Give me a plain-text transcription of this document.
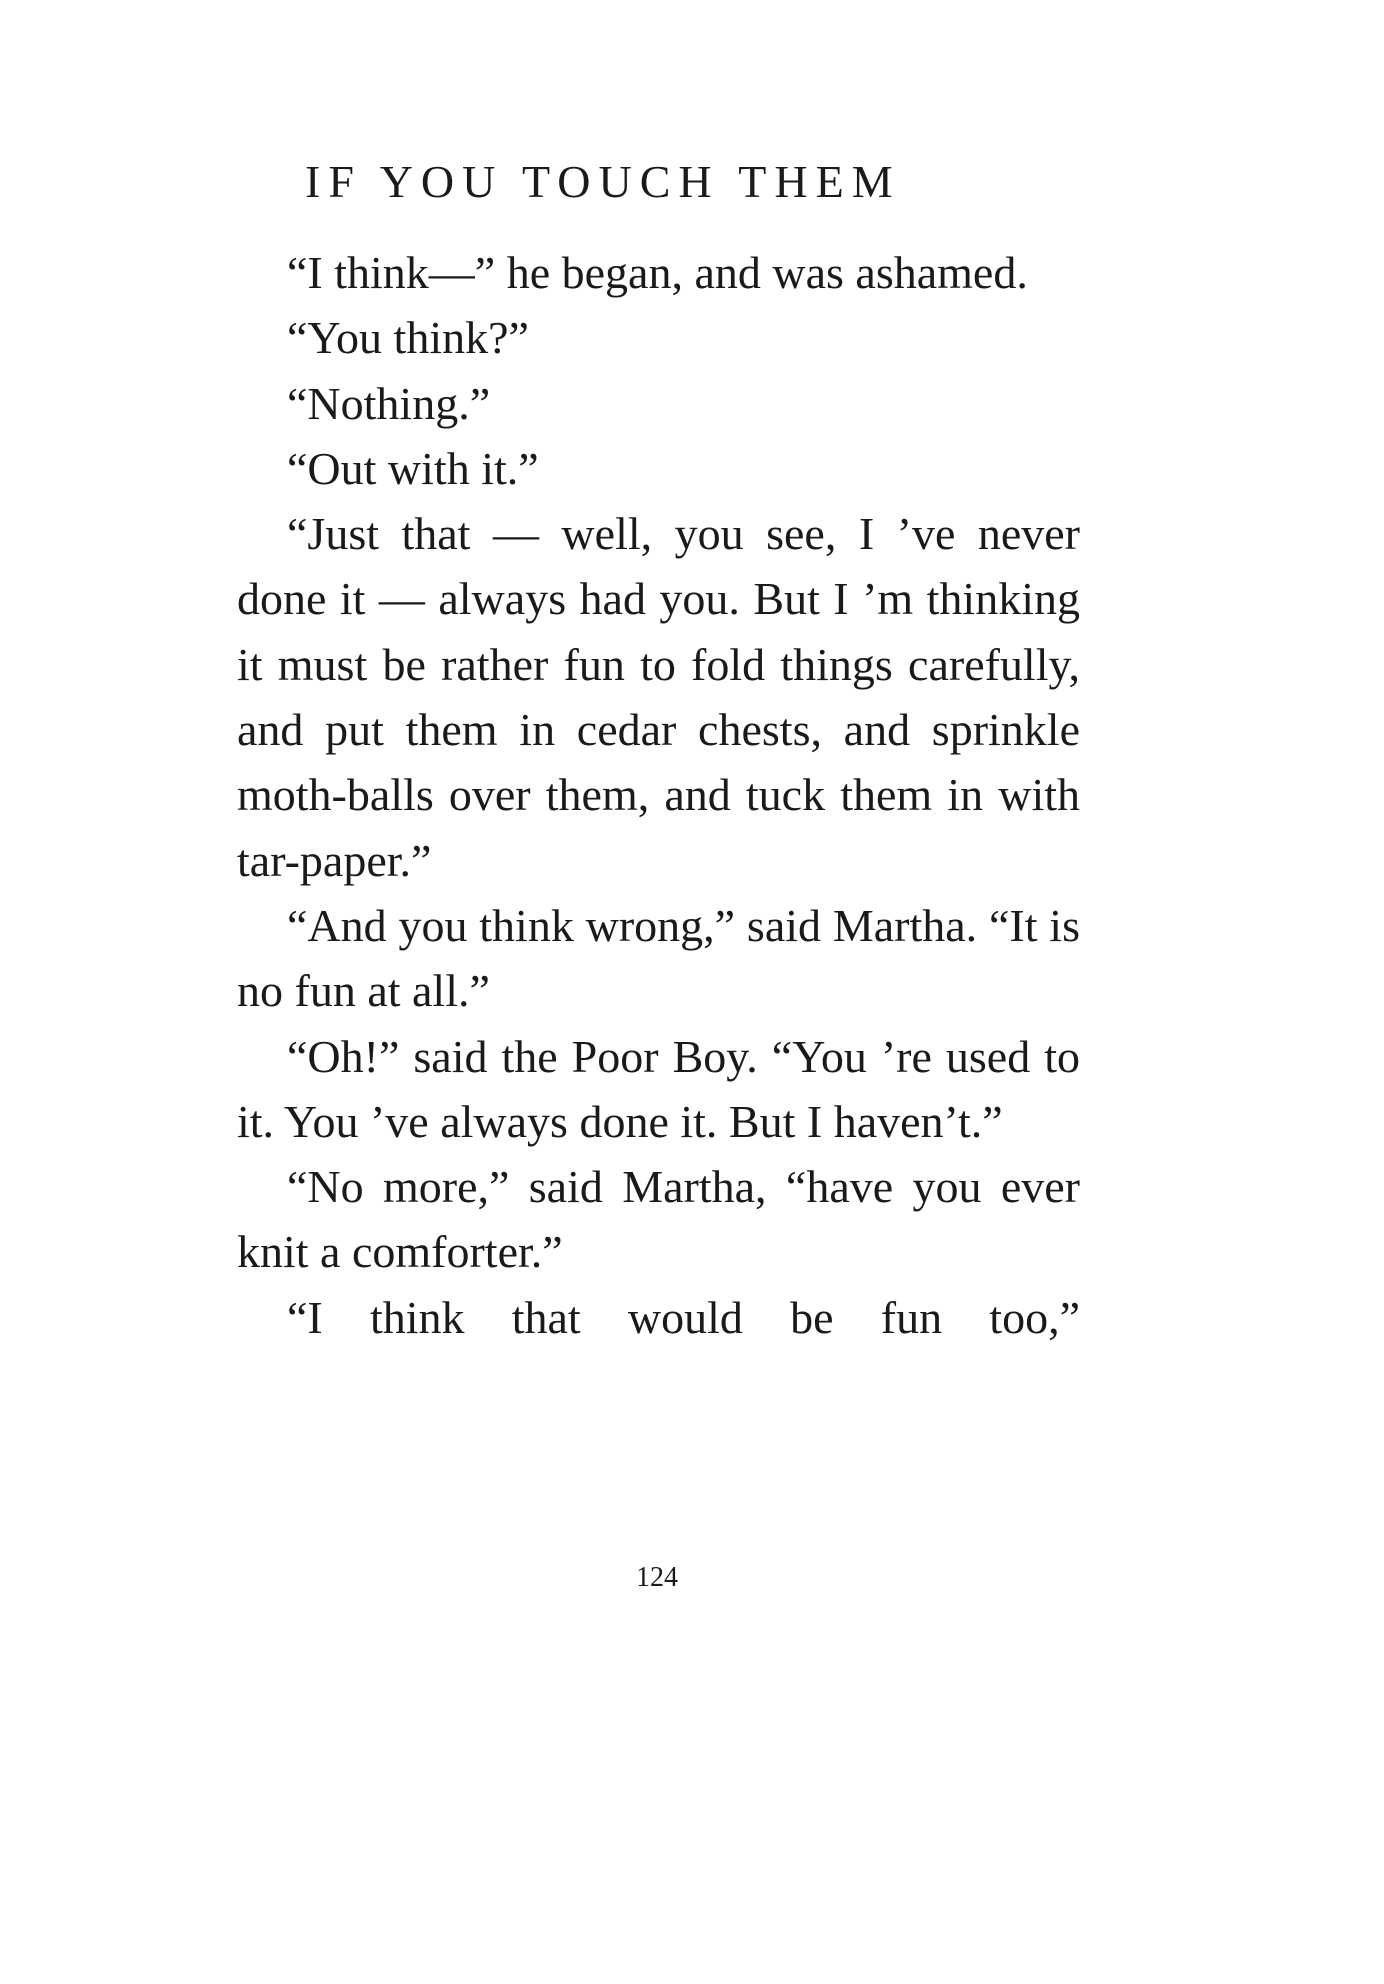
IF YOU TOUCH THEM

“I think—” he began, and was ashamed.

“You think?”

“Nothing.”

“Out with it.”

“Just that — well, you see, I ’ve never done it — always had you. But I ’m thinking it must be rather fun to fold things carefully, and put them in cedar chests, and sprinkle moth-balls over them, and tuck them in with tar-paper.”

“And you think wrong,” said Martha. “It is no fun at all.”

“Oh!” said the Poor Boy. “You ’re used to it. You ’ve always done it. But I haven’t.”

“No more,” said Martha, “have you ever knit a comforter.”

“I think that would be fun too,”

124
